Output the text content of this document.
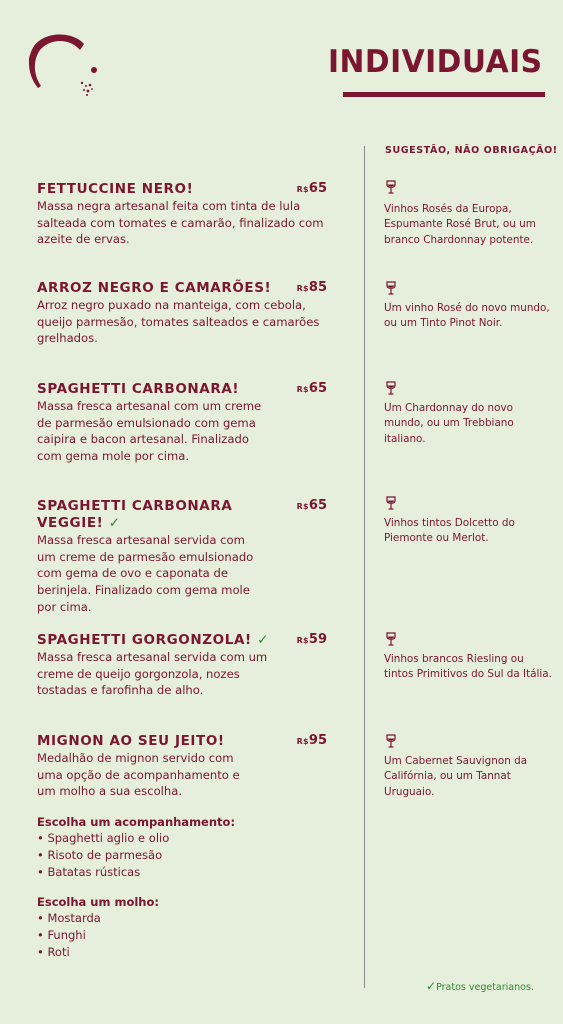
INDIVIDUAIS
SUGESTÃO, NÃO OBRIGAÇÃO!
FETTUCCINE NERO!	R$65
Massa negra artesanal feita com tinta de lula salteada com tomates e camarão, finalizado com azeite de ervas.
Vinhos Rosés da Europa, Espumante Rosé Brut, ou um branco Chardonnay potente.
ARROZ NEGRO E CAMARÕES!	R$85
Arroz negro puxado na manteiga, com cebola, queijo parmesão, tomates salteados e camarões grelhados.
Um vinho Rosé do novo mundo, ou um Tinto Pinot Noir.
SPAGHETTI CARBONARA!	R$65
Massa fresca artesanal com um creme de parmesão emulsionado com gema caipira e bacon artesanal. Finalizado com gema mole por cima.
Um Chardonnay do novo mundo, ou um Trebbiano italiano.
SPAGHETTI CARBONARA VEGGIE! ✓
R$65
Massa fresca artesanal servida com um creme de parmesão emulsionado com gema de ovo e caponata de berinjela. Finalizado com gema mole por cima.
Vinhos tintos Dolcetto do Piemonte ou Merlot.
SPAGHETTI GORGONZOLA! ✓	R$59
Massa fresca artesanal servida com um creme de queijo gorgonzola, nozes tostadas e farofinha de alho.
Vinhos brancos Riesling ou tintos Primitivos do Sul da Itália.
MIGNON AO SEU JEITO!	R$95
Medalhão de mignon servido com uma opção de acompanhamento e um molho a sua escolha.
Escolha um acompanhamento:
• Spaghetti aglio e olio
• Risoto de parmesão
• Batatas rústicas
Escolha um molho:
• Mostarda
• Funghi
• Roti
Um Cabernet Sauvignon da Califórnia, ou um Tannat Uruguaio.
✓Pratos vegetarianos.
